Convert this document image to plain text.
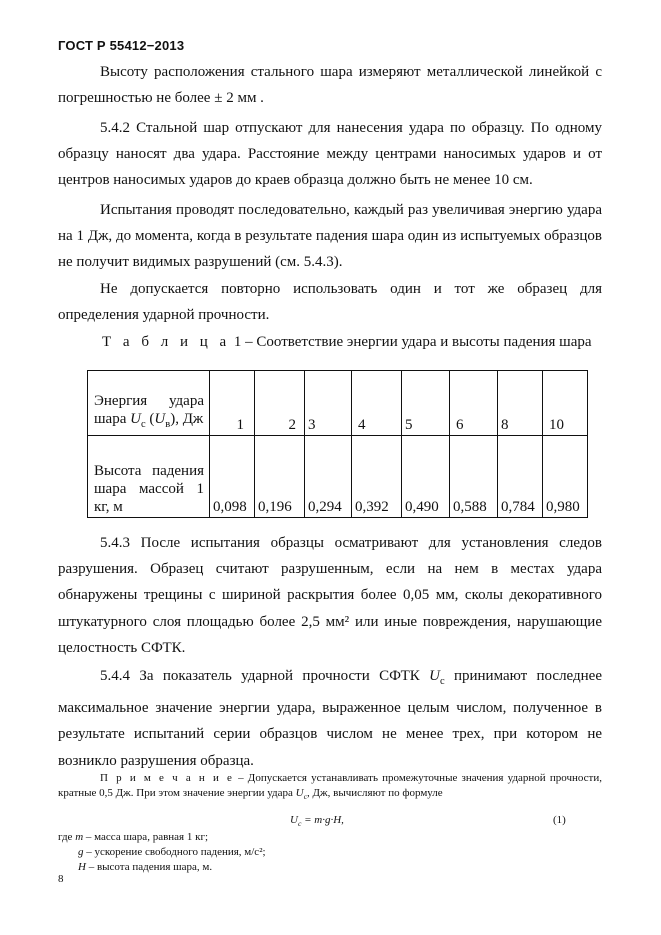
ГОСТ Р 55412−2013

Высоту расположения стального шара измеряют металлической линейкой с погрешностью не более ± 2 мм .

5.4.2 Стальной шар отпускают для нанесения удара по образцу. По одному образцу наносят два удара. Расстояние между центрами наносимых ударов и от центров наносимых ударов до краев образца должно быть не менее 10 см.

Испытания проводят последовательно, каждый раз увеличивая энергию удара на 1 Дж, до момента, когда в результате падения шара один из испытуемых образцов не получит видимых разрушений (см. 5.4.3).

Не допускается повторно использовать один и тот же образец для определения ударной прочности.

Т а б л и ц а 1 – Соответствие энергии удара и высоты падения шара
Энергия удара шара $U_c$ $(U_в)$, Дж	1	2	3	4	5	6	8	10
Высота падения шара массой 1 кг, м	0,098	0,196	0,294	0,392	0,490	0,588	0,784	0,980

5.4.3 После испытания образцы осматривают для установления следов разрушения. Образец считают разрушенным, если на нем в местах удара обнаружены трещины с шириной раскрытия более 0,05 мм, сколы декоративного штукатурного слоя площадью более 2,5 мм² или иные повреждения, нарушающие целостность СФТК.

5.4.4 За показатель ударной прочности СФТК $U_c$ принимают последнее максимальное значение энергии удара, выраженное целым числом, полученное в результате испытаний серии образцов числом не менее трех, при котором не возникло разрушения образца.

П р и м е ч а н и е – Допускается устанавливать промежуточные значения ударной прочности, кратные 0,5 Дж. При этом значение энергии удара $U_c$, Дж, вычисляют по формуле

$U_c = m\cdot g\cdot H$,	(1)
где m – масса шара, равная 1 кг;
g – ускорение свободного падения, м/с²;
H – высота падения шара, м.
8
